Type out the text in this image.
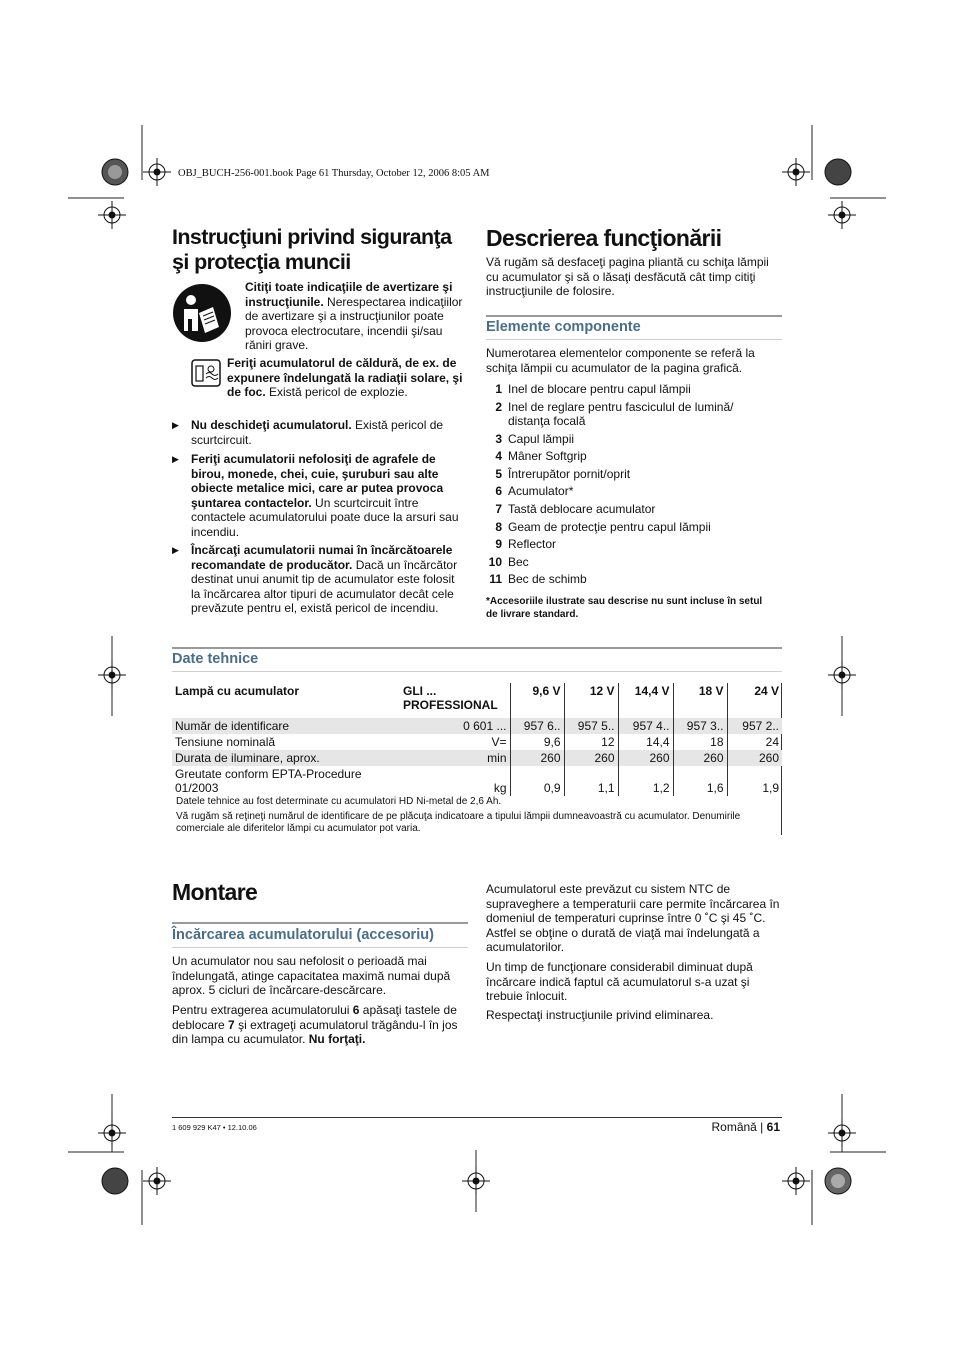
OBJ_BUCH-256-001.book Page 61 Thursday, October 12, 2006 8:05 AM
Instrucţiuni privind siguranţa
şi protecţia muncii

Citiţi toate indicaţiile de avertizare şi instrucţiunile. Nerespectarea indicaţiilor de avertizare şi a instrucţiunilor poate provoca electrocutare, incendii şi/sau răniri grave.

Feriţi acumulatorul de căldură, de ex. de expunere îndelungată la radiaţii solare, şi de foc. Există pericol de explozie.

▶ Nu deschideţi acumulatorul. Există pericol de scurtcircuit.
▶ Feriţi acumulatorii nefolosiţi de agrafele de birou, monede, chei, cuie, şuruburi sau alte obiecte metalice mici, care ar putea provoca şuntarea contactelor. Un scurtcircuit între contactele acumulatorului poate duce la arsuri sau incendiu.
▶ Încărcaţi acumulatorii numai în încărcătoarele recomandate de producător. Dacă un încărcător destinat unui anumit tip de acumulator este folosit la încărcarea altor tipuri de acumulator decât cele prevăzute pentru el, există pericol de incendiu.
Descrierea funcţionării

Vă rugăm să desfaceţi pagina pliantă cu schiţa lămpii cu acumulator şi să o lăsaţi desfăcută cât timp citiţi instrucţiunile de folosire.

Elemente componente

Numerotarea elementelor componente se referă la schiţa lămpii cu acumulator de la pagina grafică.

1 Inel de blocare pentru capul lămpii
2 Inel de reglare pentru fasciculul de lumină/ distanţa focală
3 Capul lămpii
4 Mâner Softgrip
5 Întrerupător pornit/oprit
6 Acumulator*
7 Tastă deblocare acumulator
8 Geam de protecţie pentru capul lămpii
9 Reflector
10 Bec
11 Bec de schimb

*Accesoriile ilustrate sau descrise nu sunt incluse în setul de livrare standard.

Date tehnice
Lampă cu acumulator	GLI ... PROFESSIONAL	9,6 V	12 V	14,4 V	18 V	24 V
Număr de identificare	0 601 ...	957 6..	957 5..	957 4..	957 3..	957 2..
Tensiune nominală	V=	9,6	12	14,4	18	24
Durata de iluminare, aprox.	min	260	260	260	260	260
Greutate conform EPTA-Procedure 01/2003	kg	0,9	1,1	1,2	1,6	1,9
Datele tehnice au fost determinate cu acumulatori HD Ni-metal de 2,6 Ah.
Vă rugăm să reţineţi numărul de identificare de pe plăcuţa indicatoare a tipului lămpii dumneavoastră cu acumulator. Denumirile comerciale ale diferitelor lămpi cu acumulator pot varia.
Montare
Încărcarea acumulatorului (accesoriu)

Un acumulator nou sau nefolosit o perioadă mai îndelungată, atinge capacitatea maximă numai după aprox. 5 cicluri de încărcare-descărcare.

Pentru extragerea acumulatorului 6 apăsaţi tastele de deblocare 7 şi extrageţi acumulatorul trăgându-l în jos din lampa cu acumulator. Nu forţaţi.

Acumulatorul este prevăzut cu sistem NTC de supraveghere a temperaturii care permite încărcarea în domeniul de temperaturi cuprinse între 0 ˚C şi 45 ˚C. Astfel se obţine o durată de viaţă mai îndelungată a acumulatorilor.

Un timp de funcţionare considerabil diminuat după încărcare indică faptul că acumulatorul s-a uzat şi trebuie înlocuit.

Respectaţi instrucţiunile privind eliminarea.

1 609 929 K47 • 12.10.06	Română | 61
